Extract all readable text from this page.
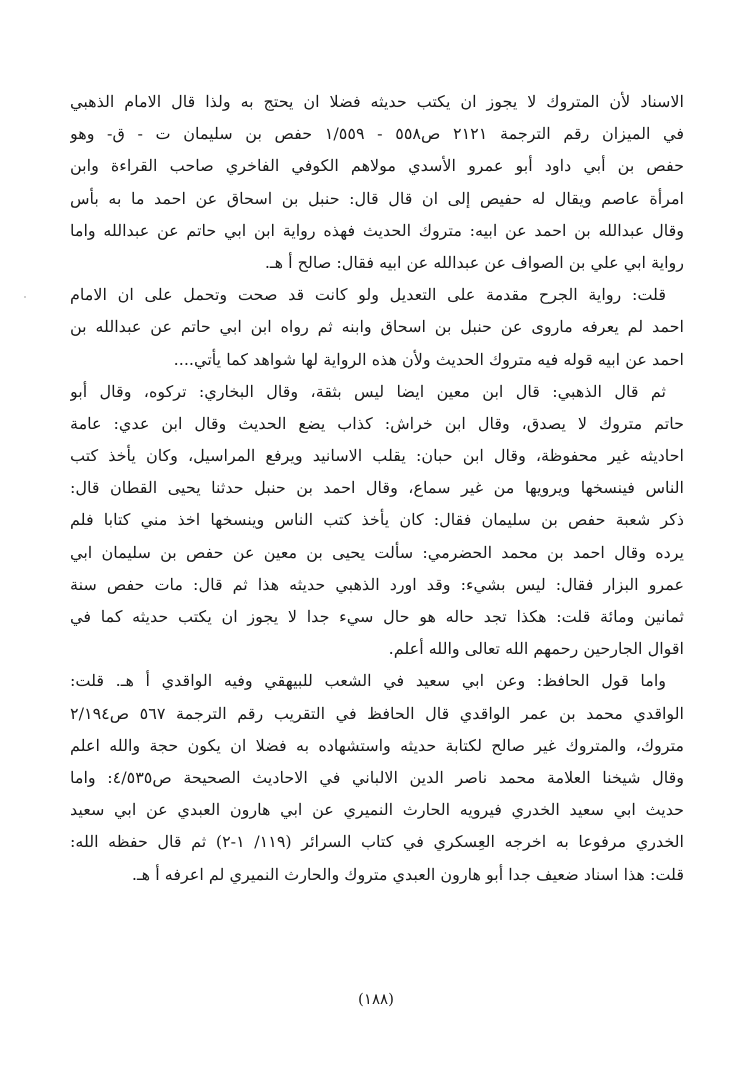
الاسناد لأن المتروك لا يجوز ان يكتب حديثه فضلا ان يحتج به ولذا قال الامام الذهبي
في الميزان رقم الترجمة ٢١٢١ ص٥٥٨ - ١/٥٥٩ حفص بن سليمان ت - ق- وهو
حفص بن أبي داود أبو عمرو الأسدي مولاهم الكوفي الفاخري صاحب القراءة وابن
امرأة عاصم ويقال له حفيص إلى ان قال قال: حنبل بن اسحاق عن احمد ما به بأس
وقال عبدالله بن احمد عن ابيه: متروك الحديث فهذه رواية ابن ابي حاتم عن عبدالله واما
رواية ابي علي بن الصواف عن عبدالله عن ابيه فقال: صالح أ هـ.
قلت: رواية الجرح مقدمة على التعديل ولو كانت قد صحت وتحمل على ان الامام
احمد لم يعرفه ماروى عن حنبل بن اسحاق وابنه ثم رواه ابن ابي حاتم عن عبدالله بن
احمد عن ابيه قوله فيه متروك الحديث ولأن هذه الرواية لها شواهد كما يأتي....
ثم قال الذهبي: قال ابن معين ايضا ليس بثقة، وقال البخاري: تركوه، وقال أبو
حاتم متروك لا يصدق، وقال ابن خراش: كذاب يضع الحديث وقال ابن عدي: عامة
احاديثه غير محفوظة، وقال ابن حبان: يقلب الاسانيد ويرفع المراسيل، وكان يأخذ كتب
الناس فينسخها ويرويها من غير سماع، وقال احمد بن حنبل حدثنا يحيى القطان قال:
ذكر شعبة حفص بن سليمان فقال: كان يأخذ كتب الناس وينسخها اخذ مني كتابا فلم
يرده وقال احمد بن محمد الحضرمي: سألت يحيى بن معين عن حفص بن سليمان ابي
عمرو البزار فقال: ليس بشيء: وقد اورد الذهبي حديثه هذا ثم قال: مات حفص سنة
ثمانين ومائة قلت: هكذا تجد حاله هو حال سيء جدا لا يجوز ان يكتب حديثه كما في
اقوال الجارحين رحمهم الله تعالى والله أعلم.
واما قول الحافظ: وعن ابي سعيد في الشعب للبيهقي وفيه الواقدي أ هـ. قلت:
الواقدي محمد بن عمر الواقدي قال الحافظ في التقريب رقم الترجمة ٥٦٧ ص٢/١٩٤
متروك، والمتروك غير صالح لكتابة حديثه واستشهاده به فضلا ان يكون حجة والله اعلم
وقال شيخنا العلامة محمد ناصر الدين الالباني في الاحاديث الصحيحة ص٤/٥٣٥: واما
حديث ابي سعيد الخدري فيرويه الحارث النميري عن ابي هارون العبدي عن ابي سعيد
الخدري مرفوعا به اخرجه العِسكري في كتاب السرائر (١١٩/ ١-٢) ثم قال حفظه الله:
قلت: هذا اسناد ضعيف جدا أبو هارون العبدي متروك والحارث النميري لم اعرفه أ هـ.
(١٨٨)
